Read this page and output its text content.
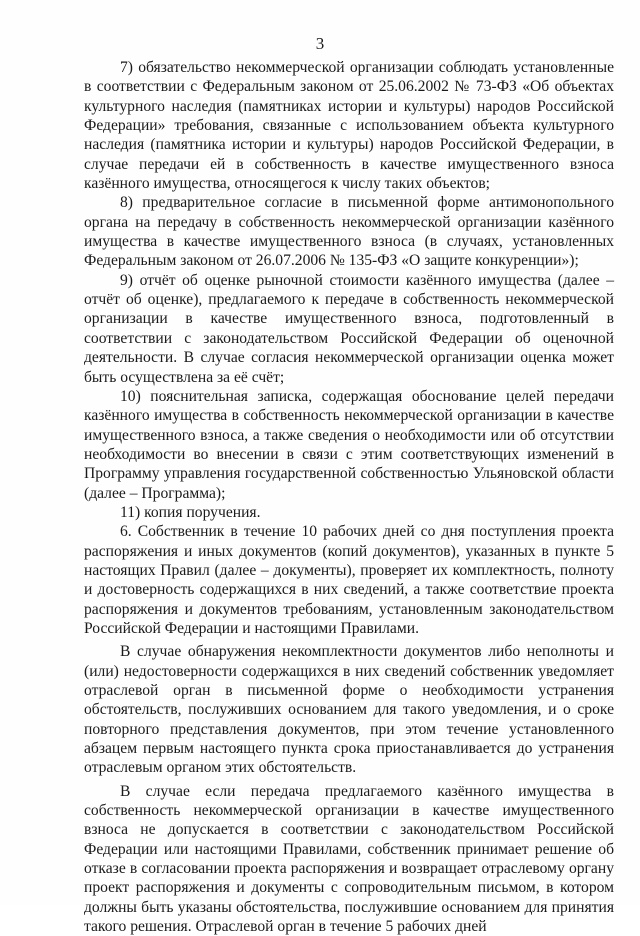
3

7) обязательство некоммерческой организации соблюдать установленные в соответствии с Федеральным законом от 25.06.2002 № 73-ФЗ «Об объектах культурного наследия (памятниках истории и культуры) народов Российской Федерации» требования, связанные с использованием объекта культурного наследия (памятника истории и культуры) народов Российской Федерации, в случае передачи ей в собственность в качестве имущественного взноса казённого имущества, относящегося к числу таких объектов;

8) предварительное согласие в письменной форме антимонопольного органа на передачу в собственность некоммерческой организации казённого имущества в качестве имущественного взноса (в случаях, установленных Федеральным законом от 26.07.2006 № 135-ФЗ «О защите конкуренции»);

9) отчёт об оценке рыночной стоимости казённого имущества (далее – отчёт об оценке), предлагаемого к передаче в собственность некоммерческой организации в качестве имущественного взноса, подготовленный в соответствии с законодательством Российской Федерации об оценочной деятельности. В случае согласия некоммерческой организации оценка может быть осуществлена за её счёт;

10) пояснительная записка, содержащая обоснование целей передачи казённого имущества в собственность некоммерческой организации в качестве имущественного взноса, а также сведения о необходимости или об отсутствии необходимости во внесении в связи с этим соответствующих изменений в Программу управления государственной собственностью Ульяновской области (далее – Программа);

11) копия поручения.

6. Собственник в течение 10 рабочих дней со дня поступления проекта распоряжения и иных документов (копий документов), указанных в пункте 5 настоящих Правил (далее – документы), проверяет их комплектность, полноту и достоверность содержащихся в них сведений, а также соответствие проекта распоряжения и документов требованиям, установленным законодательством Российской Федерации и настоящими Правилами.

В случае обнаружения некомплектности документов либо неполноты и (или) недостоверности содержащихся в них сведений собственник уведомляет отраслевой орган в письменной форме о необходимости устранения обстоятельств, послуживших основанием для такого уведомления, и о сроке повторного представления документов, при этом течение установленного абзацем первым настоящего пункта срока приостанавливается до устранения отраслевым органом этих обстоятельств.

В случае если передача предлагаемого казённого имущества в собственность некоммерческой организации в качестве имущественного взноса не допускается в соответствии с законодательством Российской Федерации или настоящими Правилами, собственник принимает решение об отказе в согласовании проекта распоряжения и возвращает отраслевому органу проект распоряжения и документы с сопроводительным письмом, в котором должны быть указаны обстоятельства, послужившие основанием для принятия такого решения. Отраслевой орган в течение 5 рабочих дней
